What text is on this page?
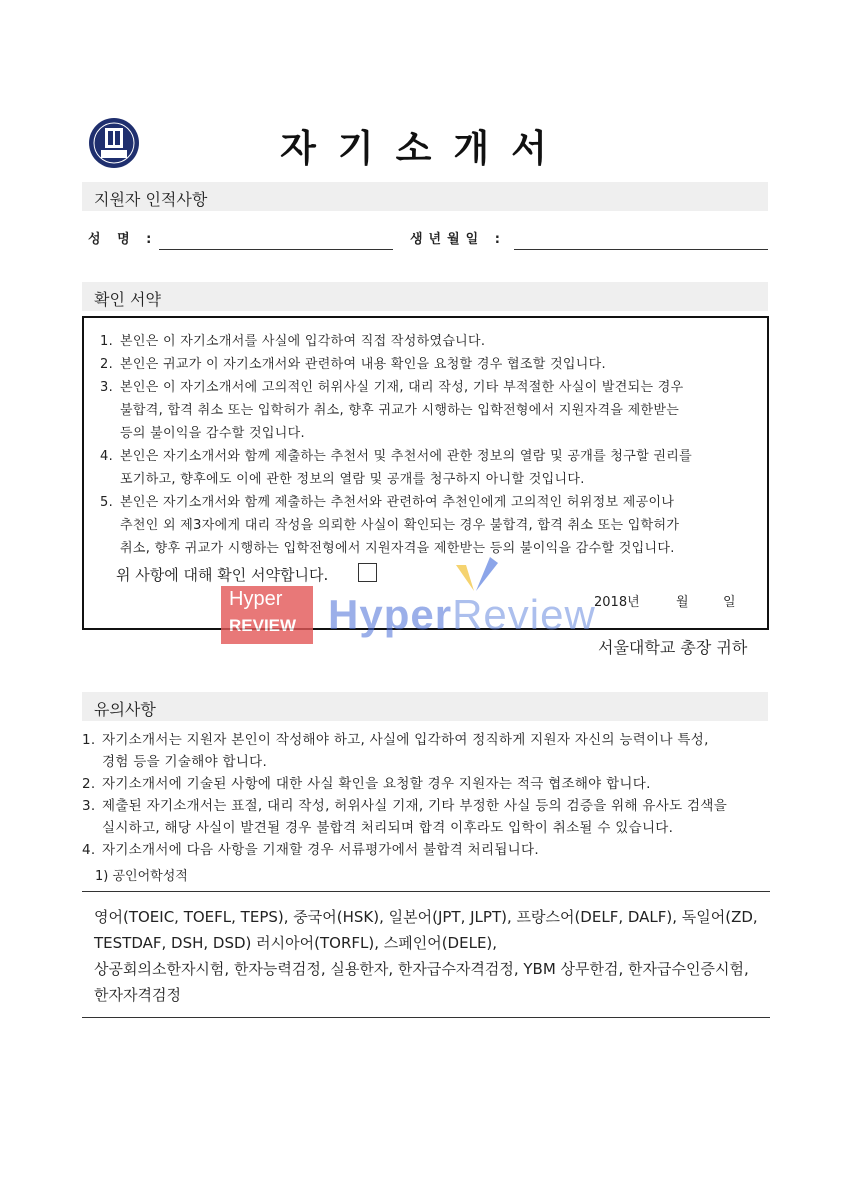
자기소개서
지원자 인적사항
성 명 :	생년월일 :
확인 서약
1. 본인은 이 자기소개서를 사실에 입각하여 직접 작성하였습니다.
2. 본인은 귀교가 이 자기소개서와 관련하여 내용 확인을 요청할 경우 협조할 것입니다.
3. 본인은 이 자기소개서에 고의적인 허위사실 기재, 대리 작성, 기타 부적절한 사실이 발견되는 경우
불합격, 합격 취소 또는 입학허가 취소, 향후 귀교가 시행하는 입학전형에서 지원자격을 제한받는
등의 불이익을 감수할 것입니다.
4. 본인은 자기소개서와 함께 제출하는 추천서 및 추천서에 관한 정보의 열람 및 공개를 청구할 권리를
포기하고, 향후에도 이에 관한 정보의 열람 및 공개를 청구하지 아니할 것입니다.
5. 본인은 자기소개서와 함께 제출하는 추천서와 관련하여 추천인에게 고의적인 허위정보 제공이나
추천인 외 제3자에게 대리 작성을 의뢰한 사실이 확인되는 경우 불합격, 합격 취소 또는 입학허가
취소, 향후 귀교가 시행하는 입학전형에서 지원자격을 제한받는 등의 불이익을 감수할 것입니다.
위 사항에 대해 확인 서약합니다.
Hyper
REVIEW HyperReview
2018년	월	일
서울대학교 총장 귀하
유의사항
1. 자기소개서는 지원자 본인이 작성해야 하고, 사실에 입각하여 정직하게 지원자 자신의 능력이나 특성,
경험 등을 기술해야 합니다.
2. 자기소개서에 기술된 사항에 대한 사실 확인을 요청할 경우 지원자는 적극 협조해야 합니다.
3. 제출된 자기소개서는 표절, 대리 작성, 허위사실 기재, 기타 부정한 사실 등의 검증을 위해 유사도 검색을
실시하고, 해당 사실이 발견될 경우 불합격 처리되며 합격 이후라도 입학이 취소될 수 있습니다.
4. 자기소개서에 다음 사항을 기재할 경우 서류평가에서 불합격 처리됩니다.
1) 공인어학성적
영어(TOEIC, TOEFL, TEPS), 중국어(HSK), 일본어(JPT, JLPT), 프랑스어(DELF, DALF), 독일어(ZD,
TESTDAF, DSH, DSD) 러시아어(TORFL), 스페인어(DELE),
상공회의소한자시험, 한자능력검정, 실용한자, 한자급수자격검정, YBM 상무한검, 한자급수인증시험,
한자자격검정
